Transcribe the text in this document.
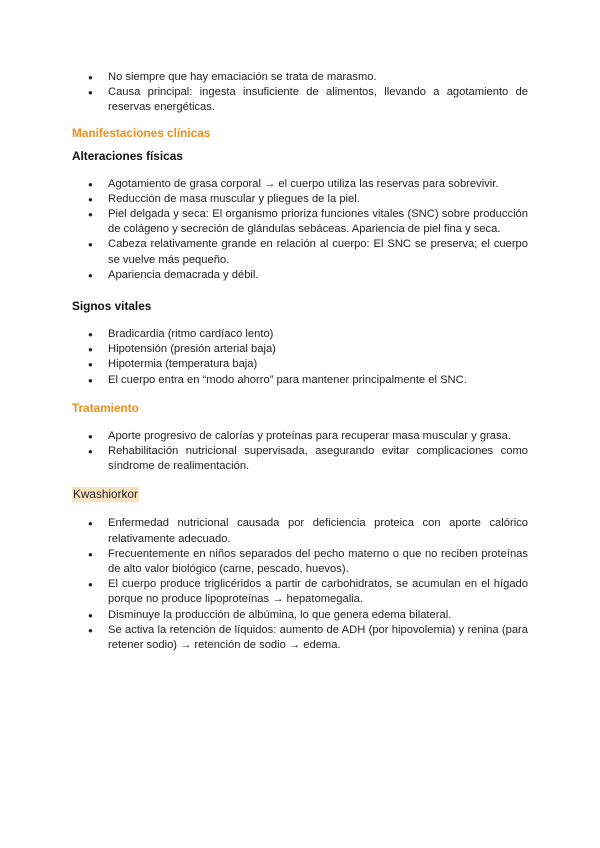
● No siempre que hay emaciación se trata de marasmo.
● Causa principal: ingesta insuficiente de alimentos, llevando a agotamiento de reservas energéticas.
Manifestaciones clínicas
Alteraciones físicas
● Agotamiento de grasa corporal → el cuerpo utiliza las reservas para sobrevivir.
● Reducción de masa muscular y pliegues de la piel.
● Piel delgada y seca: El organismo prioriza funciones vitales (SNC) sobre producción de colágeno y secreción de glándulas sebáceas. Apariencia de piel fina y seca.
● Cabeza relativamente grande en relación al cuerpo: El SNC se preserva; el cuerpo se vuelve más pequeño.
● Apariencia demacrada y débil.
Signos vitales
● Bradicardia (ritmo cardíaco lento)
● Hipotensión (presión arterial baja)
● Hipotermia (temperatura baja)
● El cuerpo entra en “modo ahorro” para mantener principalmente el SNC.
Tratamiento
● Aporte progresivo de calorías y proteínas para recuperar masa muscular y grasa.
● Rehabilitación nutricional supervisada, asegurando evitar complicaciones como síndrome de realimentación.
Kwashiorkor
● Enfermedad nutricional causada por deficiencia proteica con aporte calórico relativamente adecuado.
● Frecuentemente en niños separados del pecho materno o que no reciben proteínas de alto valor biológico (carne, pescado, huevos).
● El cuerpo produce triglicéridos a partir de carbohidratos, se acumulan en el hígado porque no produce lipoproteínas → hepatomegalia.
● Disminuye la producción de albúmina, lo que genera edema bilateral.
● Se activa la retención de líquidos: aumento de ADH (por hipovolemia) y renina (para retener sodio) → retención de sodio → edema.
